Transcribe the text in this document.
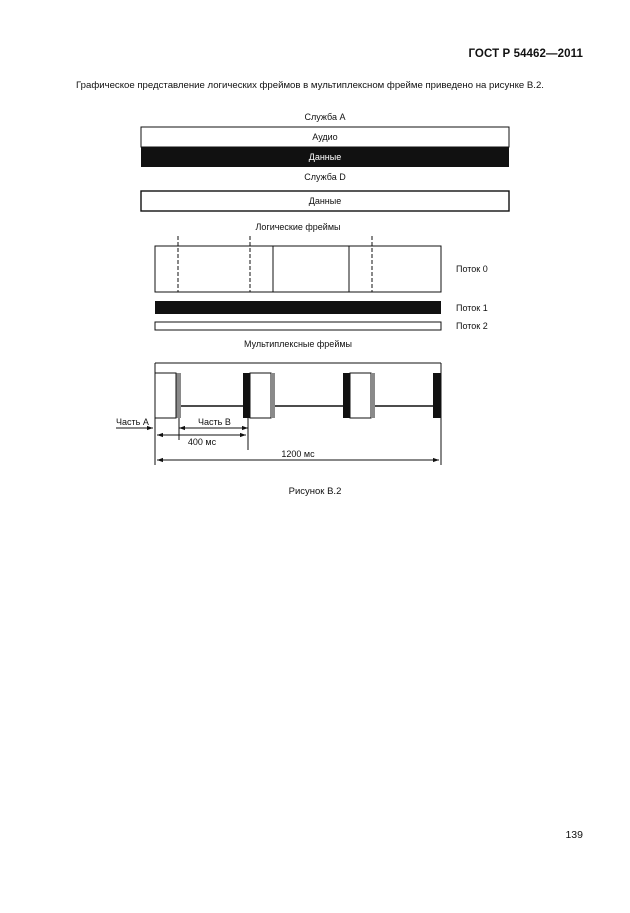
ГОСТ Р 54462—2011
Графическое представление логических фреймов в мультиплексном фрейме приведено на рисунке В.2.
Служба A
Аудио
Данные
Служба D
Данные
Логические фреймы
Поток 0
Поток 1
Поток 2
Мультиплексные фреймы
Часть A	Часть B
400 мс
1200 мс
Рисунок В.2
139
